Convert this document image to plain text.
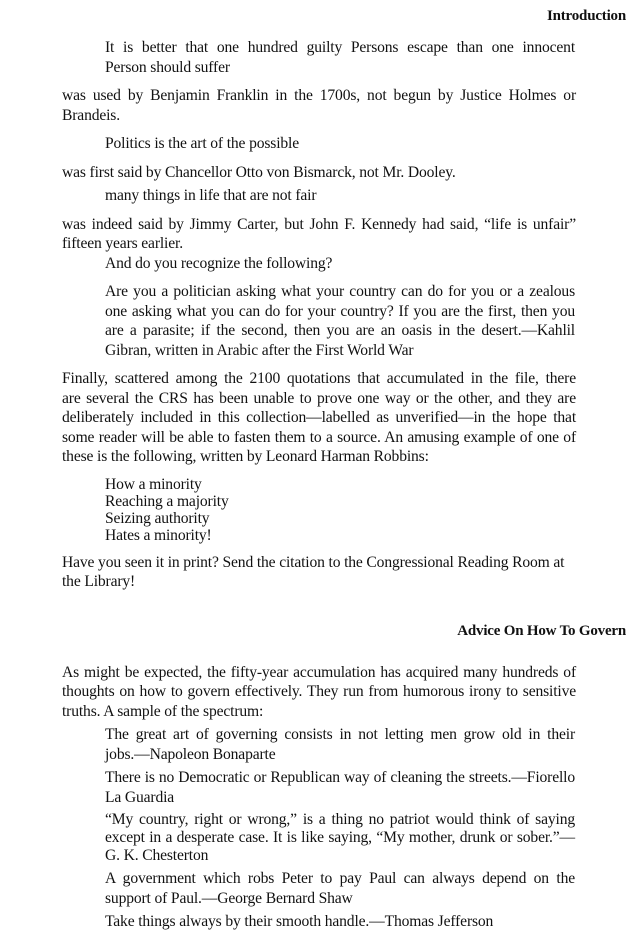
Introduction
It is better that one hundred guilty Persons escape than one innocent
Person should suffer
was used by Benjamin Franklin in the 1700s, not begun by Justice Holmes or
Brandeis.
Politics is the art of the possible
was first said by Chancellor Otto von Bismarck, not Mr. Dooley.
many things in life that are not fair
was indeed said by Jimmy Carter, but John F. Kennedy had said, “life is unfair”
fifteen years earlier.
And do you recognize the following?
Are you a politician asking what your country can do for you or a zealous
one asking what you can do for your country? If you are the first, then you
are a parasite; if the second, then you are an oasis in the desert.—Kahlil
Gibran, written in Arabic after the First World War
Finally, scattered among the 2100 quotations that accumulated in the file, there
are several the CRS has been unable to prove one way or the other, and they are
deliberately included in this collection—labelled as unverified—in the hope that
some reader will be able to fasten them to a source. An amusing example of one of
these is the following, written by Leonard Harman Robbins:
How a minority
Reaching a majority
Seizing authority
Hates a minority!
Have you seen it in print? Send the citation to the Congressional Reading Room at
the Library!
Advice On How To Govern
As might be expected, the fifty-year accumulation has acquired many hundreds of
thoughts on how to govern effectively. They run from humorous irony to sensitive
truths. A sample of the spectrum:
The great art of governing consists in not letting men grow old in their
jobs.—Napoleon Bonaparte
There is no Democratic or Republican way of cleaning the streets.—Fiorello
La Guardia
“My country, right or wrong,” is a thing no patriot would think of saying
except in a desperate case. It is like saying, “My mother, drunk or sober.”—
G. K. Chesterton
A government which robs Peter to pay Paul can always depend on the
support of Paul.—George Bernard Shaw
Take things always by their smooth handle.—Thomas Jefferson
